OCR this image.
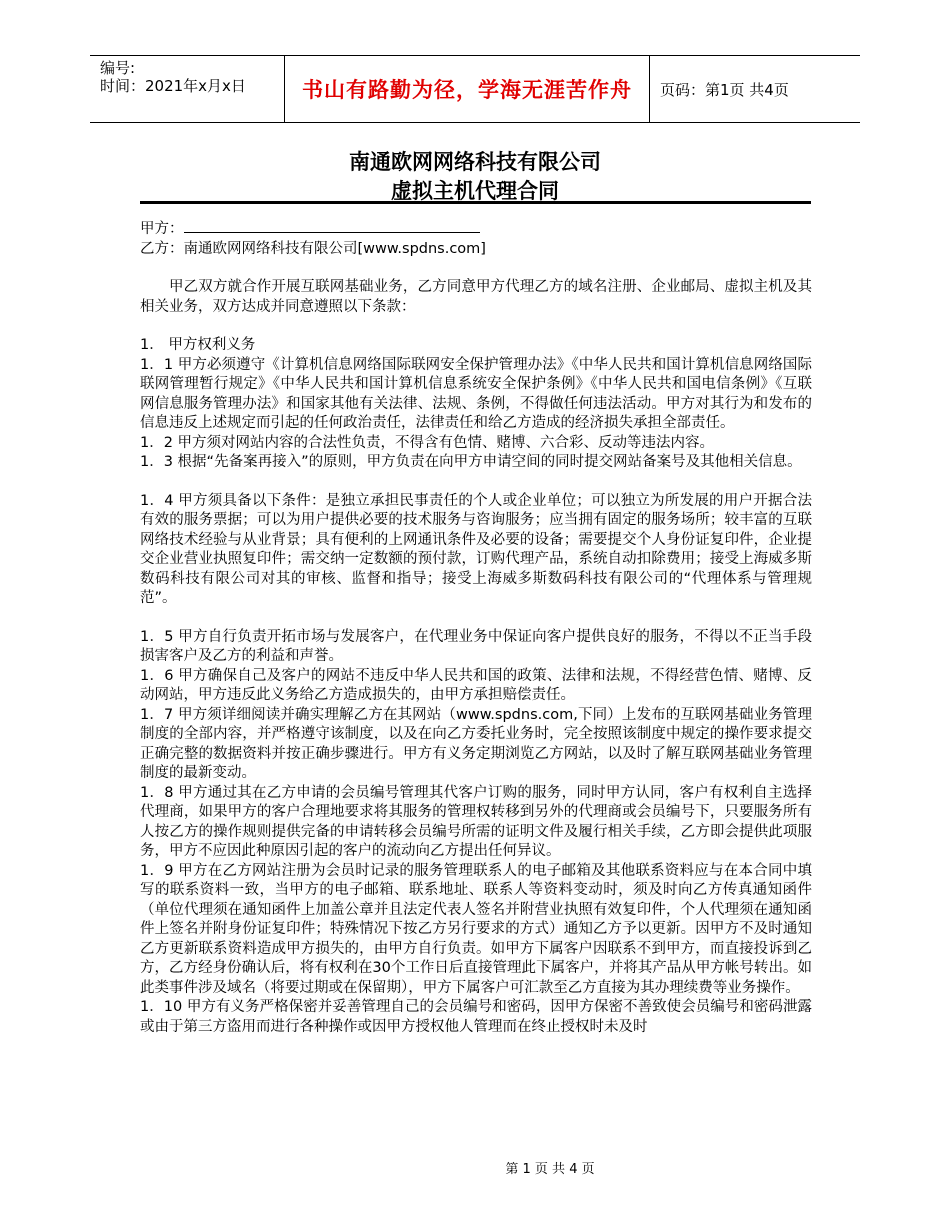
编号:
时间：2021年x月x日	书山有路勤为径，学海无涯苦作舟	页码：第1页 共4页
南通欧网网络科技有限公司
虚拟主机代理合同

甲方：

乙方：南通欧网网络科技有限公司[www.spdns.com]

甲乙双方就合作开展互联网基础业务，乙方同意甲方代理乙方的域名注册、企业邮局、虚拟主机及其相关业务，双方达成并同意遵照以下条款：

1． 甲方权利义务

1．1 甲方必须遵守《计算机信息网络国际联网安全保护管理办法》《中华人民共和国计算机信息网络国际联网管理暂行规定》《中华人民共和国计算机信息系统安全保护条例》《中华人民共和国电信条例》《互联网信息服务管理办法》和国家其他有关法律、法规、条例，不得做任何违法活动。甲方对其行为和发布的信息违反上述规定而引起的任何政治责任，法律责任和给乙方造成的经济损失承担全部责任。

1．2 甲方须对网站内容的合法性负责，不得含有色情、赌博、六合彩、反动等违法内容。

1．3 根据“先备案再接入”的原则，甲方负责在向甲方申请空间的同时提交网站备案号及其他相关信息。

1．4 甲方须具备以下条件：是独立承担民事责任的个人或企业单位；可以独立为所发展的用户开据合法有效的服务票据；可以为用户提供必要的技术服务与咨询服务；应当拥有固定的服务场所；较丰富的互联网络技术经验与从业背景；具有便利的上网通讯条件及必要的设备；需要提交个人身份证复印件，企业提交企业营业执照复印件；需交纳一定数额的预付款，订购代理产品，系统自动扣除费用；接受上海威多斯数码科技有限公司对其的审核、监督和指导；接受上海威多斯数码科技有限公司的“代理体系与管理规范”。

1．5 甲方自行负责开拓市场与发展客户，在代理业务中保证向客户提供良好的服务，不得以不正当手段损害客户及乙方的利益和声誉。

1．6 甲方确保自己及客户的网站不违反中华人民共和国的政策、法律和法规，不得经营色情、赌博、反动网站，甲方违反此义务给乙方造成损失的，由甲方承担赔偿责任。

1．7 甲方须详细阅读并确实理解乙方在其网站（www.spdns.com,下同）上发布的互联网基础业务管理制度的全部内容，并严格遵守该制度，以及在向乙方委托业务时，完全按照该制度中规定的操作要求提交正确完整的数据资料并按正确步骤进行。甲方有义务定期浏览乙方网站，以及时了解互联网基础业务管理制度的最新变动。

1．8 甲方通过其在乙方申请的会员编号管理其代客户订购的服务，同时甲方认同，客户有权利自主选择代理商，如果甲方的客户合理地要求将其服务的管理权转移到另外的代理商或会员编号下，只要服务所有人按乙方的操作规则提供完备的申请转移会员编号所需的证明文件及履行相关手续，乙方即会提供此项服务，甲方不应因此种原因引起的客户的流动向乙方提出任何异议。

1．9 甲方在乙方网站注册为会员时记录的服务管理联系人的电子邮箱及其他联系资料应与在本合同中填写的联系资料一致，当甲方的电子邮箱、联系地址、联系人等资料变动时，须及时向乙方传真通知函件（单位代理须在通知函件上加盖公章并且法定代表人签名并附营业执照有效复印件，个人代理须在通知函件上签名并附身份证复印件；特殊情况下按乙方另行要求的方式）通知乙方予以更新。因甲方不及时通知乙方更新联系资料造成甲方损失的，由甲方自行负责。如甲方下属客户因联系不到甲方，而直接投诉到乙方，乙方经身份确认后，将有权利在30个工作日后直接管理此下属客户，并将其产品从甲方帐号转出。如此类事件涉及域名（将要过期或在保留期），甲方下属客户可汇款至乙方直接为其办理续费等业务操作。

1．10 甲方有义务严格保密并妥善管理自己的会员编号和密码，因甲方保密不善致使会员编号和密码泄露或由于第三方盗用而进行各种操作或因甲方授权他人管理而在终止授权时未及时

第 1 页 共 4 页
